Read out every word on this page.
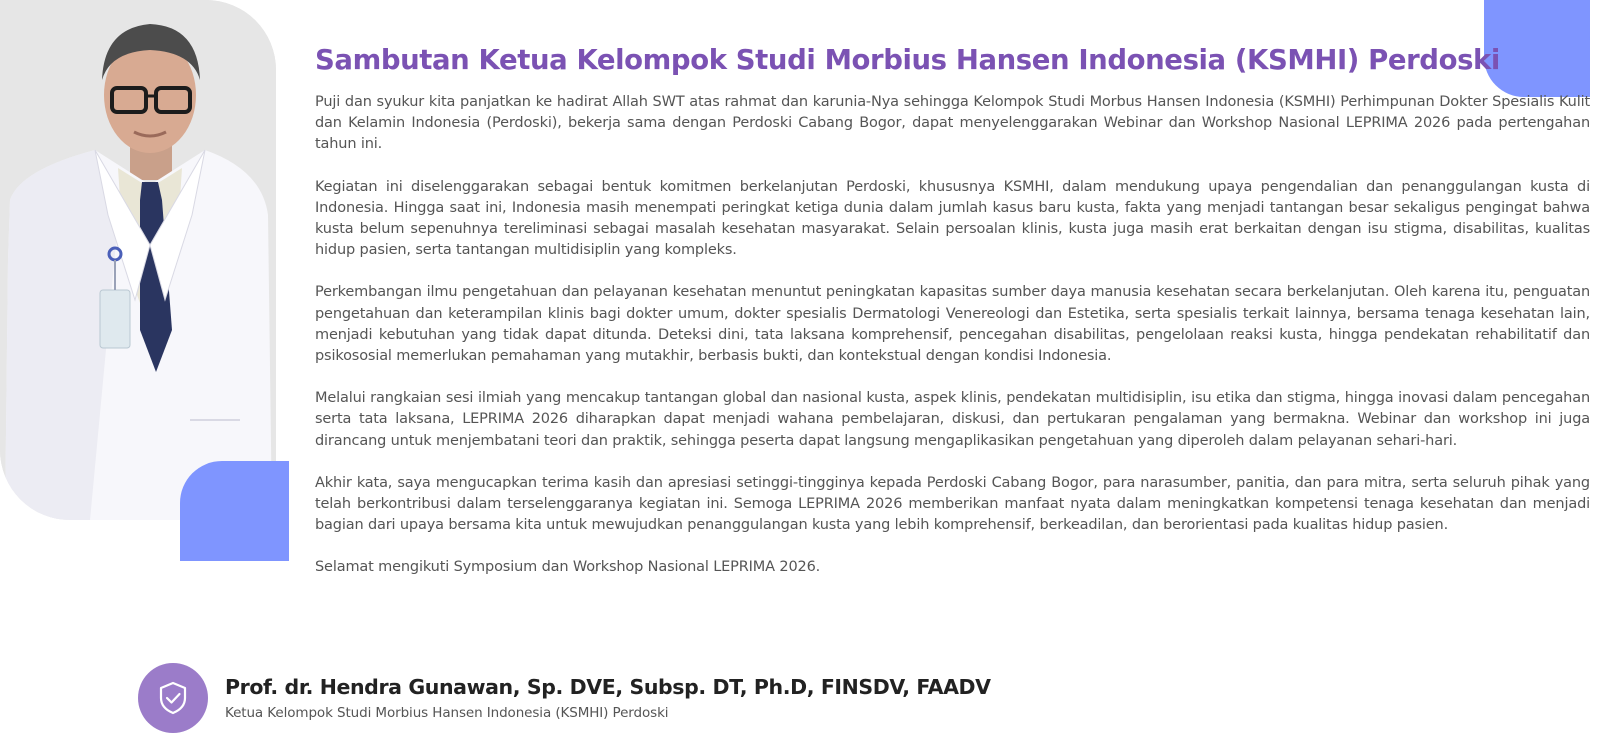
Sambutan Ketua Kelompok Studi Morbius Hansen Indonesia (KSMHI) Perdoski

Puji dan syukur kita panjatkan ke hadirat Allah SWT atas rahmat dan karunia-Nya sehingga Kelompok Studi Morbus Hansen Indonesia (KSMHI) Perhimpunan Dokter Spesialis Kulit dan Kelamin Indonesia (Perdoski), bekerja sama dengan Perdoski Cabang Bogor, dapat menyelenggarakan Webinar dan Workshop Nasional LEPRIMA 2026 pada pertengahan tahun ini.

Kegiatan ini diselenggarakan sebagai bentuk komitmen berkelanjutan Perdoski, khususnya KSMHI, dalam mendukung upaya pengendalian dan penanggulangan kusta di Indonesia. Hingga saat ini, Indonesia masih menempati peringkat ketiga dunia dalam jumlah kasus baru kusta, fakta yang menjadi tantangan besar sekaligus pengingat bahwa kusta belum sepenuhnya tereliminasi sebagai masalah kesehatan masyarakat. Selain persoalan klinis, kusta juga masih erat berkaitan dengan isu stigma, disabilitas, kualitas hidup pasien, serta tantangan multidisiplin yang kompleks.

Perkembangan ilmu pengetahuan dan pelayanan kesehatan menuntut peningkatan kapasitas sumber daya manusia kesehatan secara berkelanjutan. Oleh karena itu, penguatan pengetahuan dan keterampilan klinis bagi dokter umum, dokter spesialis Dermatologi Venereologi dan Estetika, serta spesialis terkait lainnya, bersama tenaga kesehatan lain, menjadi kebutuhan yang tidak dapat ditunda. Deteksi dini, tata laksana komprehensif, pencegahan disabilitas, pengelolaan reaksi kusta, hingga pendekatan rehabilitatif dan psikososial memerlukan pemahaman yang mutakhir, berbasis bukti, dan kontekstual dengan kondisi Indonesia.

Melalui rangkaian sesi ilmiah yang mencakup tantangan global dan nasional kusta, aspek klinis, pendekatan multidisiplin, isu etika dan stigma, hingga inovasi dalam pencegahan serta tata laksana, LEPRIMA 2026 diharapkan dapat menjadi wahana pembelajaran, diskusi, dan pertukaran pengalaman yang bermakna. Webinar dan workshop ini juga dirancang untuk menjembatani teori dan praktik, sehingga peserta dapat langsung mengaplikasikan pengetahuan yang diperoleh dalam pelayanan sehari-hari.

Akhir kata, saya mengucapkan terima kasih dan apresiasi setinggi-tingginya kepada Perdoski Cabang Bogor, para narasumber, panitia, dan para mitra, serta seluruh pihak yang telah berkontribusi dalam terselenggaranya kegiatan ini. Semoga LEPRIMA 2026 memberikan manfaat nyata dalam meningkatkan kompetensi tenaga kesehatan dan menjadi bagian dari upaya bersama kita untuk mewujudkan penanggulangan kusta yang lebih komprehensif, berkeadilan, dan berorientasi pada kualitas hidup pasien.

Selamat mengikuti Symposium dan Workshop Nasional LEPRIMA 2026.

Prof. dr. Hendra Gunawan, Sp. DVE, Subsp. DT, Ph.D, FINSDV, FAADV
Ketua Kelompok Studi Morbius Hansen Indonesia (KSMHI) Perdoski
